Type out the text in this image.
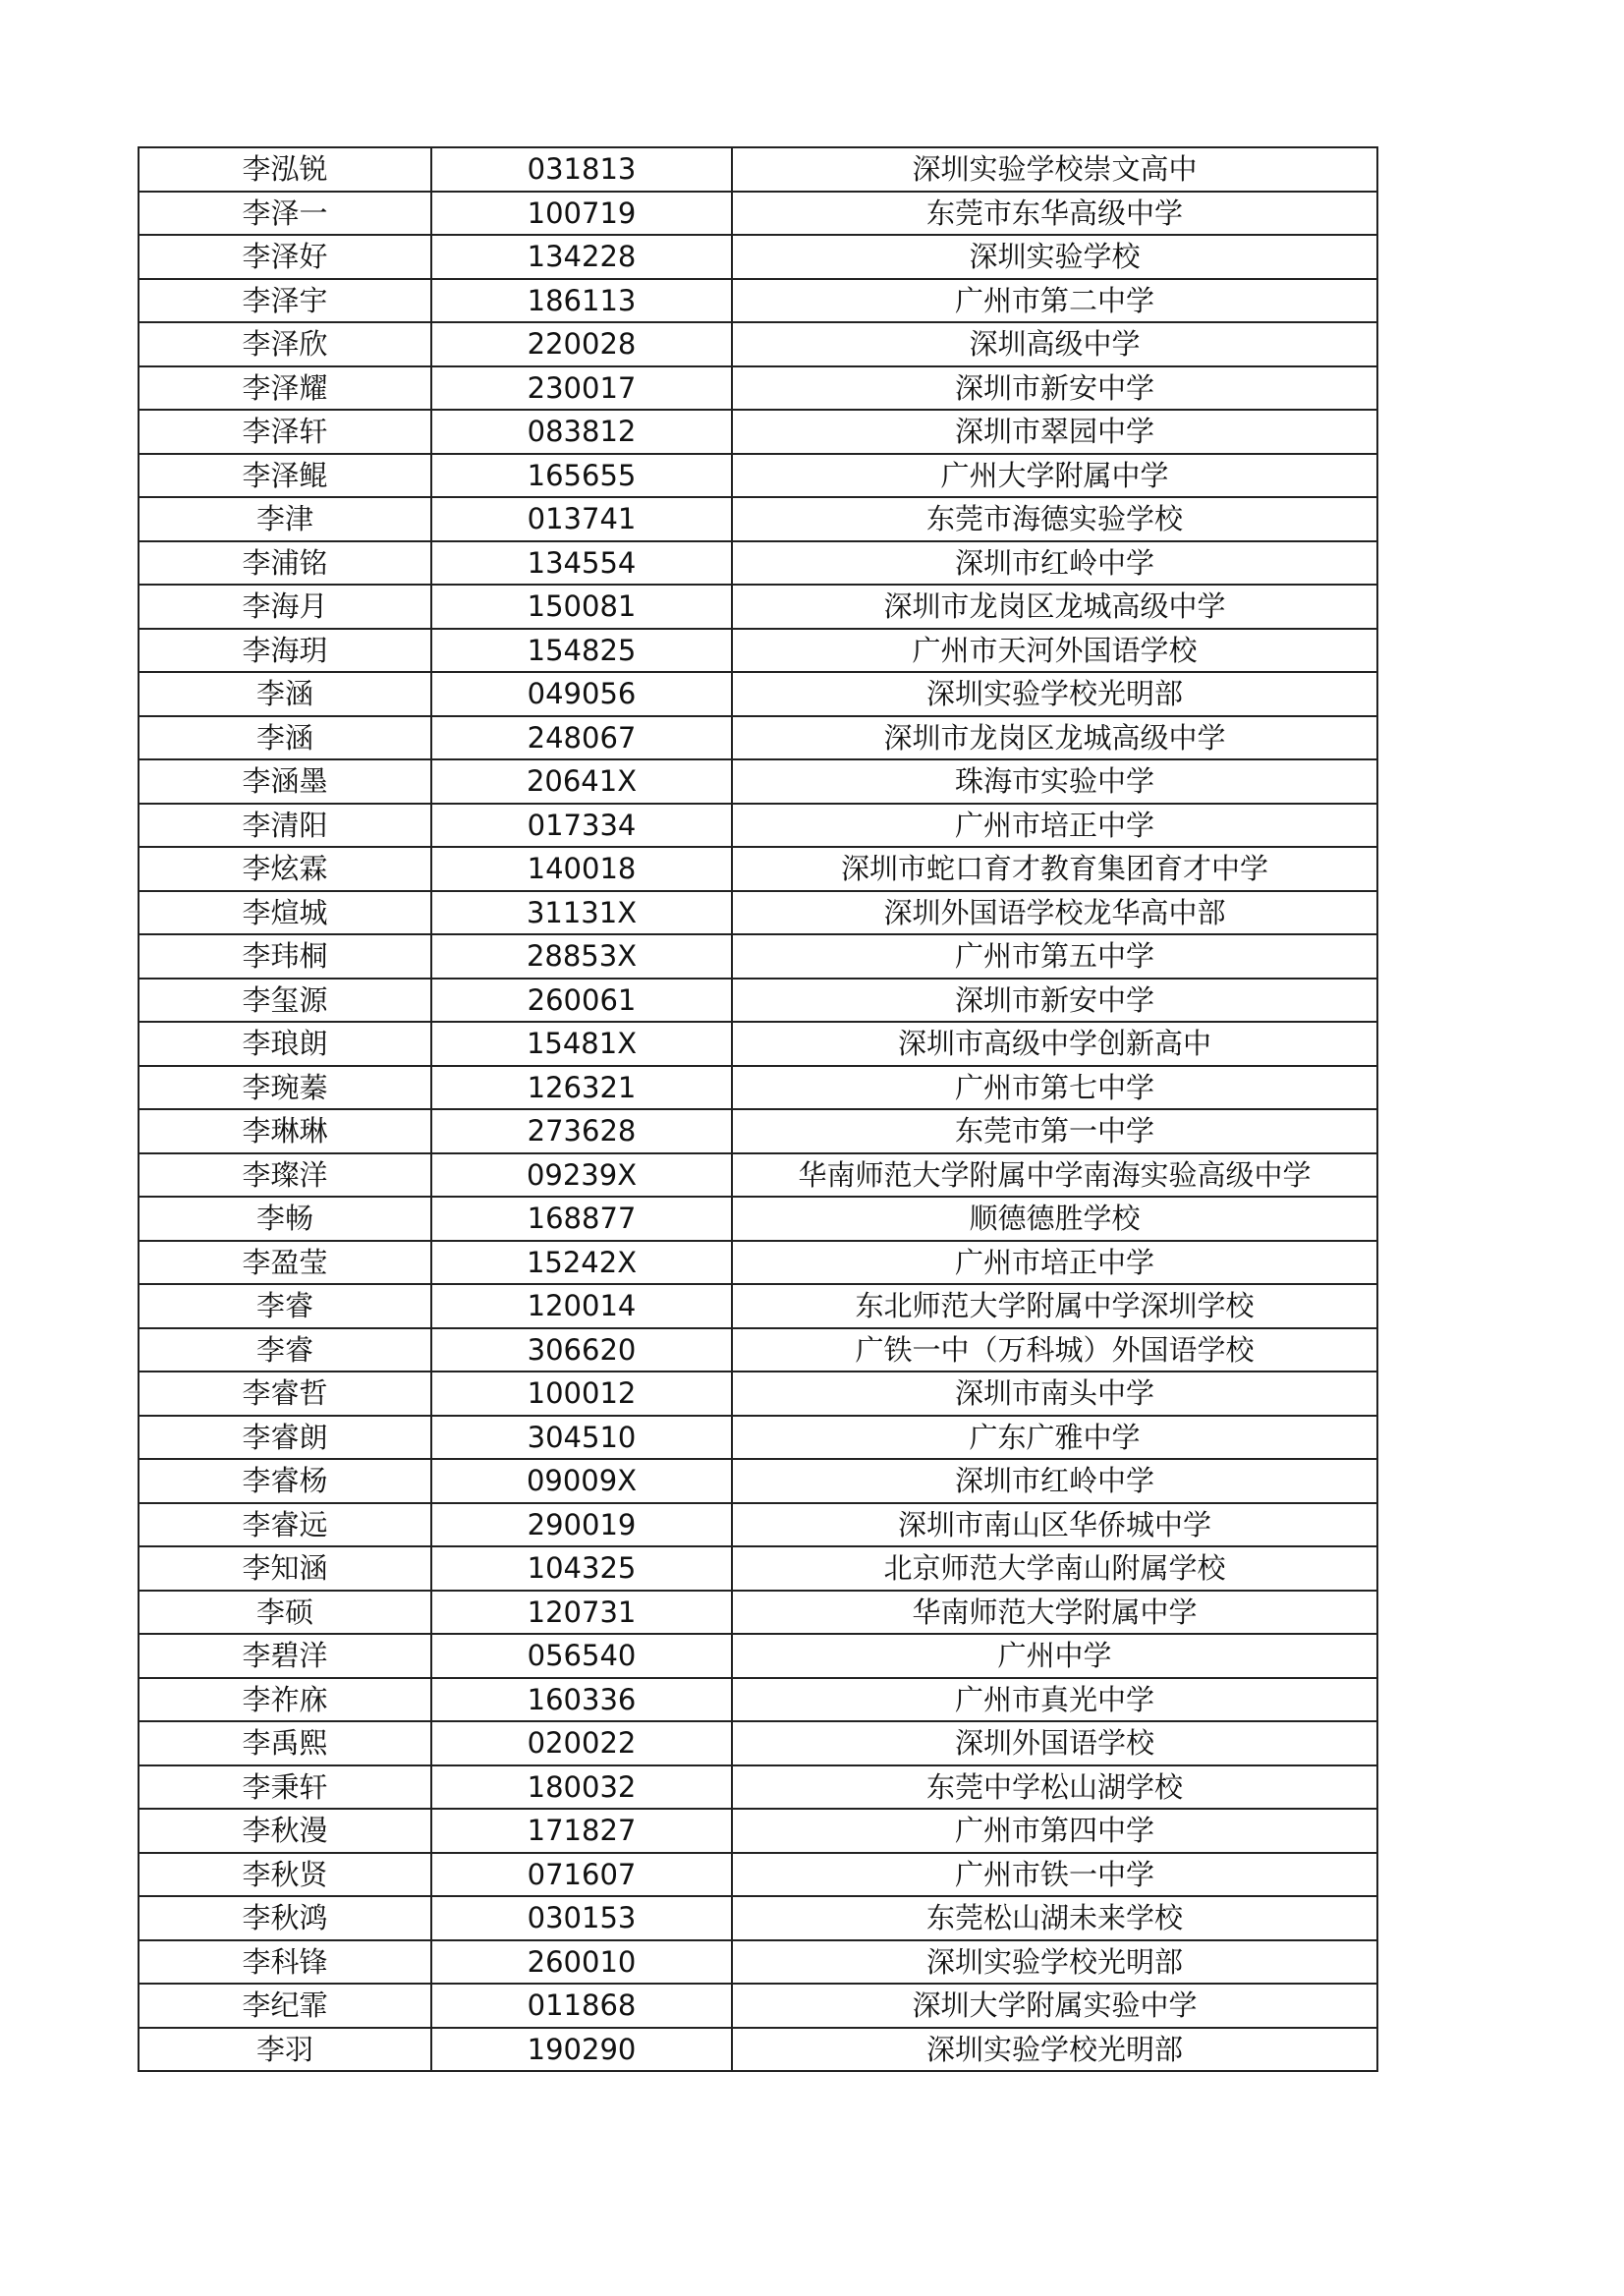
李泓锐	031813	深圳实验学校崇文高中
李泽一	100719	东莞市东华高级中学
李泽好	134228	深圳实验学校
李泽宇	186113	广州市第二中学
李泽欣	220028	深圳高级中学
李泽耀	230017	深圳市新安中学
李泽轩	083812	深圳市翠园中学
李泽鲲	165655	广州大学附属中学
李津	013741	东莞市海德实验学校
李浦铭	134554	深圳市红岭中学
李海月	150081	深圳市龙岗区龙城高级中学
李海玥	154825	广州市天河外国语学校
李涵	049056	深圳实验学校光明部
李涵	248067	深圳市龙岗区龙城高级中学
李涵墨	20641X	珠海市实验中学
李清阳	017334	广州市培正中学
李炫霖	140018	深圳市蛇口育才教育集团育才中学
李煊城	31131X	深圳外国语学校龙华高中部
李玮桐	28853X	广州市第五中学
李玺源	260061	深圳市新安中学
李琅朗	15481X	深圳市高级中学创新高中
李琬蓁	126321	广州市第七中学
李琳琳	273628	东莞市第一中学
李璨洋	09239X	华南师范大学附属中学南海实验高级中学
李畅	168877	顺德德胜学校
李盈莹	15242X	广州市培正中学
李睿	120014	东北师范大学附属中学深圳学校
李睿	306620	广铁一中（万科城）外国语学校
李睿哲	100012	深圳市南头中学
李睿朗	304510	广东广雅中学
李睿杨	09009X	深圳市红岭中学
李睿远	290019	深圳市南山区华侨城中学
李知涵	104325	北京师范大学南山附属学校
李硕	120731	华南师范大学附属中学
李碧洋	056540	广州中学
李祚庥	160336	广州市真光中学
李禹熙	020022	深圳外国语学校
李秉轩	180032	东莞中学松山湖学校
李秋漫	171827	广州市第四中学
李秋贤	071607	广州市铁一中学
李秋鸿	030153	东莞松山湖未来学校
李科锋	260010	深圳实验学校光明部
李纪霏	011868	深圳大学附属实验中学
李羽	190290	深圳实验学校光明部
